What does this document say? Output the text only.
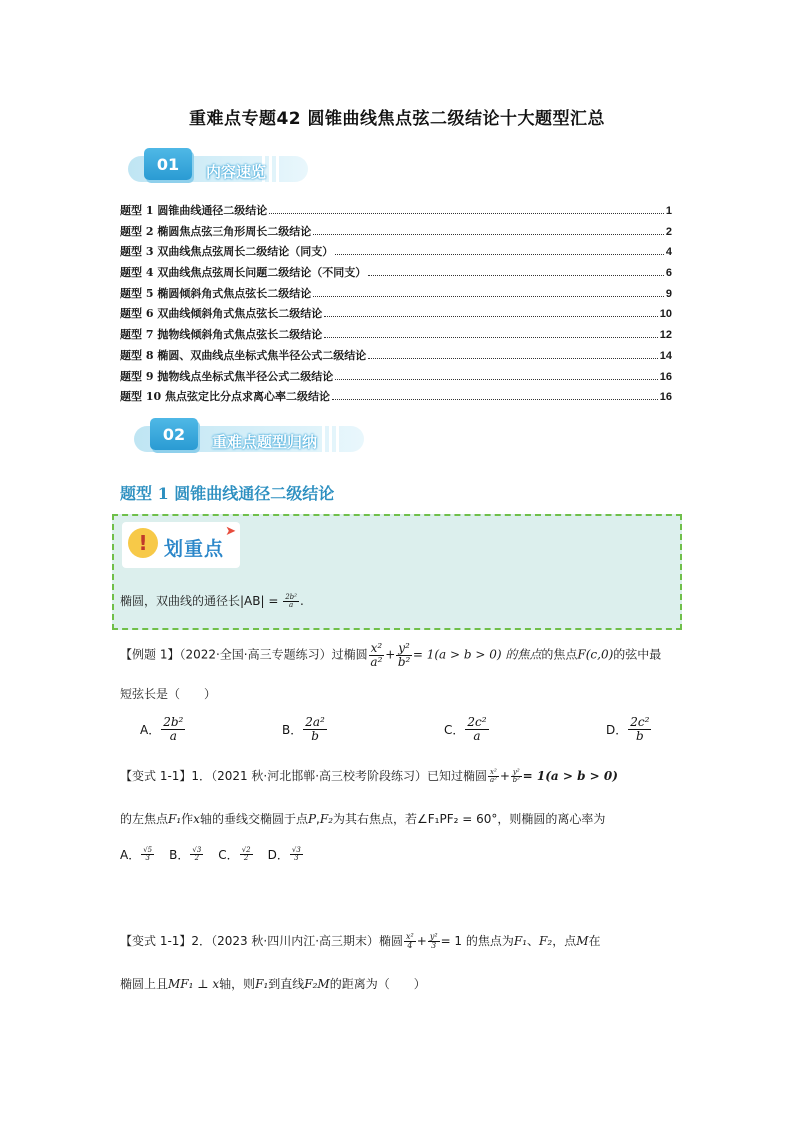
重难点专题42 圆锥曲线焦点弦二级结论十大题型汇总
01	内容速览
题型 1 圆锥曲线通径二级结论	1
题型 2 椭圆焦点弦三角形周长二级结论	2
题型 3 双曲线焦点弦周长二级结论（同支）	4
题型 4 双曲线焦点弦周长问题二级结论（不同支）	6
题型 5 椭圆倾斜角式焦点弦长二级结论	9
题型 6 双曲线倾斜角式焦点弦长二级结论	10
题型 7 抛物线倾斜角式焦点弦长二级结论	12
题型 8 椭圆、双曲线点坐标式焦半径公式二级结论	14
题型 9 抛物线点坐标式焦半径公式二级结论	16
题型 10 焦点弦定比分点求离心率二级结论	16
02	重难点题型归纳
题型 1 圆锥曲线通径二级结论
! 划重点
➤
椭圆，双曲线的通径长$|AB| = \frac{\text{2b²}}{a}$ .
【例题 1】（2022·全国·高三专题练习）过椭圆 $\frac{\text{x²}}{\text{a²}} + \frac{\text{y²}}{\text{b²}} = 1(a > b > 0)$ 的焦点的焦点F(c,0)的弦中最
短弦长是（　　）
A． $\frac{\text{2b²}}{a}$	B． $\frac{\text{2a²}}{b}$	C． $\frac{\text{2c²}}{a}$	D． $\frac{\text{2c²}}{b}$
【变式 1-1】1．（2021 秋·河北邯郸·高三校考阶段练习）已知过椭圆 $\frac{\text{x²}}{\text{a²}} + \frac{\text{y²}}{\text{b²}} = 1(a > b > 0)$
的左焦点F₁作x轴的垂线交椭圆于点P,F₂为其右焦点，若∠F₁PF₂ = 60°，则椭圆的离心率为
A． $\frac{√5}{3}$ B． $\frac{√3}{2}$ C． $\frac{√2}{2}$ D． $\frac{√3}{3}$
【变式 1-1】2．（2023 秋·四川内江·高三期末）椭圆 $\frac{\text{x²}}{4} + \frac{\text{y²}}{3} = 1$ 的焦点为F₁、F₂，点M在
椭圆上且MF₁ ⊥ x轴，则F₁到直线F₂M的距离为（　　）
